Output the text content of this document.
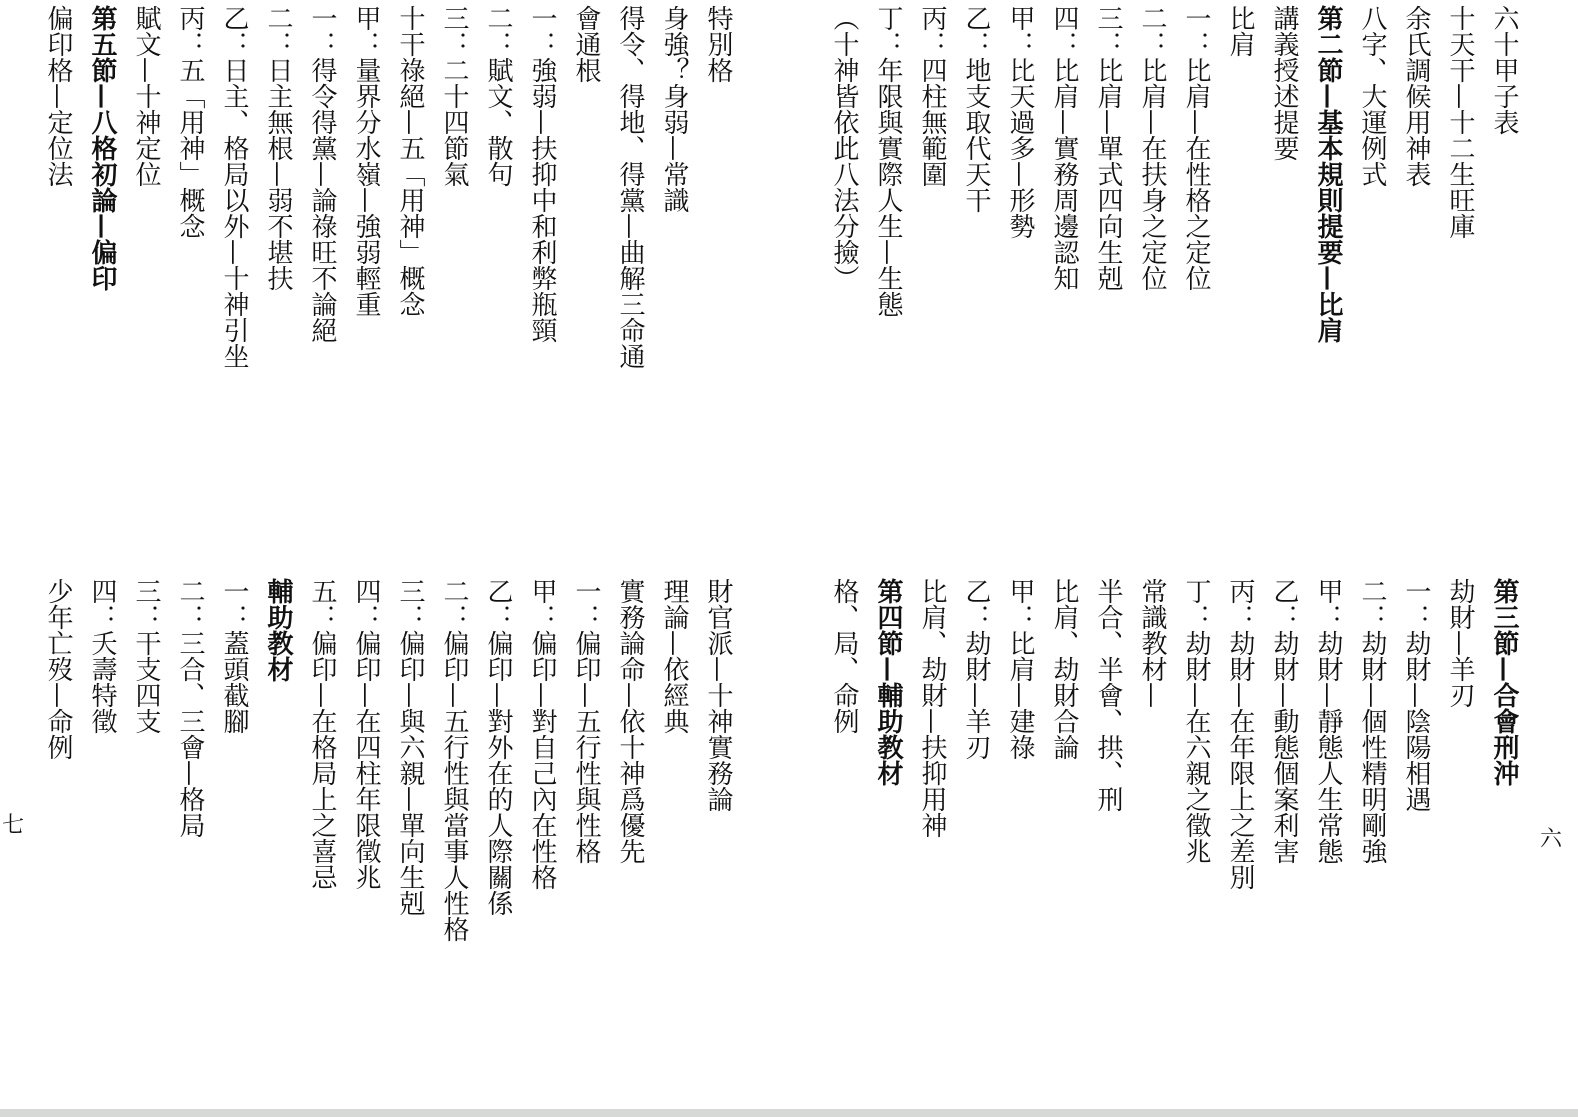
六十甲子表
十天干—十二生旺庫
余氏調候用神表
八字、大運例式
第二節—基本規則提要—比肩
講義授述提要
比肩
一：比肩—在性格之定位
二：比肩—在扶身之定位
三：比肩—單式四向生剋
四：比肩—實務周邊認知
甲：比天過多—形勢
乙：地支取代天干
丙：四柱無範圍
丁：年限與實際人生—生態
（十神皆依此八法分撿）
特別格
身強？身弱—常識
得令、得地、得黨—曲解三命通
會通根
一：強弱—扶抑中和利弊瓶頸
二：賦文、散句
三：二十四節氣
十干祿絕—五「用神」概念
甲：量界分水嶺—強弱輕重
一：得令得黨—論祿旺不論絕
二：日主無根—弱不堪扶
乙：日主、格局以外—十神引坐
丙：五「用神」概念
賦文—十神定位
第五節—八格初論—偏印
偏印格—定位法
第三節—合會刑沖
劫財—羊刃
一：劫財—陰陽相遇
二：劫財—個性精明剛強
甲：劫財—靜態人生常態
乙：劫財—動態個案利害
丙：劫財—在年限上之差別
丁：劫財—在六親之徵兆
常識教材—
半合、半會、拱、刑
比肩、劫財合論
甲：比肩—建祿
乙：劫財—羊刃
比肩、劫財—扶抑用神
第四節—輔助教材
格、局、命例
財官派—十神實務論
理論—依經典
實務論命—依十神爲優先
一：偏印—五行性與性格
甲：偏印—對自己內在性格
乙：偏印—對外在的人際關係
二：偏印—五行性與當事人性格
三：偏印—與六親—單向生剋
四：偏印—在四柱年限徵兆
五：偏印—在格局上之喜忌
輔助教材
一：蓋頭截腳
二：三合、三會—格局
三：干支四支
四：夭壽特徵
少年亡歿—命例
七
六
